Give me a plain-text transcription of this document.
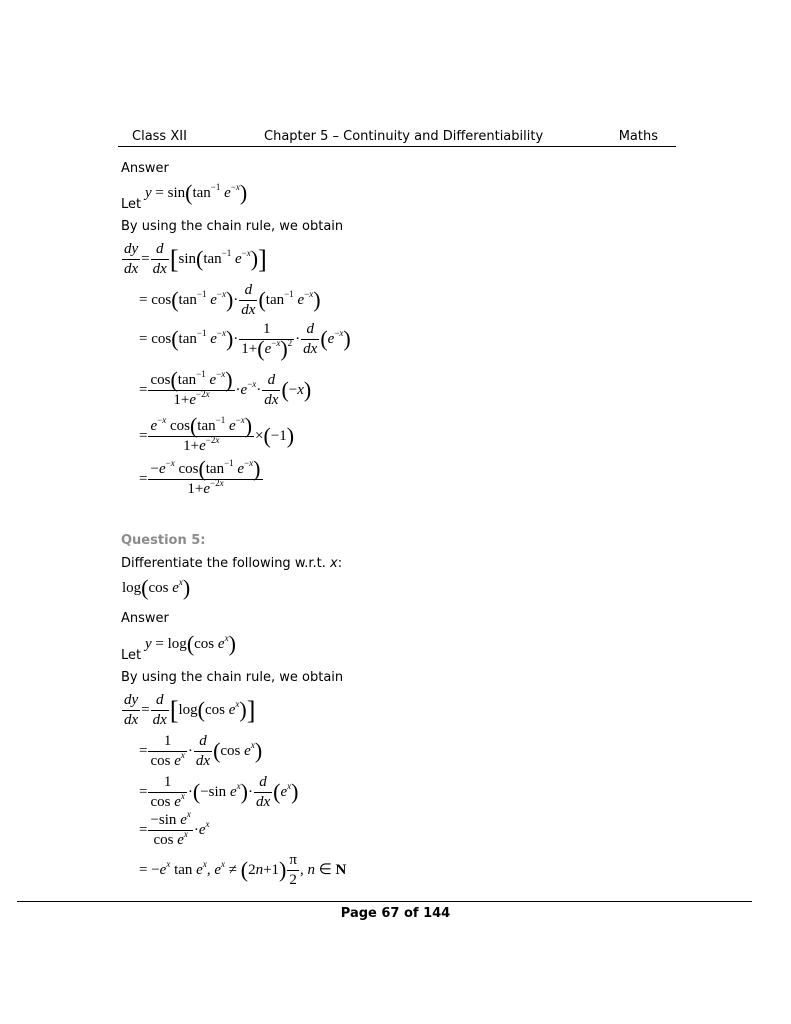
Class XII	Chapter 5 – Continuity and Differentiability	Maths
Answer
Let
$y = \sin(\tan^{-1}$ $e^{-x}$)
By using the chain rule, we obtain
$\frac{dy}{dx} = \frac{d}{dx} [\sin(\tan^{-1}$ $e^{-x}$)]
= $\cos(\tan^{-1}$ $e^{-x})\cdot \frac{d}{dx} (\tan^{-1}$ $e^{-x}$)
= $\cos(\tan^{-1}$ $e^{-x})\cdot \frac{1}{1+(e^{-x})^2} \cdot \frac{d}{dx} (e^{-x})$
= $\frac{\cos(\tan^{-1} e^{-x})}{1+e^{-2x}} \cdot e^{-x}\cdot \frac{d}{dx} (-x)$
= $\frac{e^{-x} \cos(\tan^{-1} e^{-x})}{1+e^{-2x}} \times(-1)$
= $\frac{-e^{-x} \cos(\tan^{-1} e^{-x})}{1+e^{-2x}}$
Question 5:
Differentiate the following w.r.t. x:
log(cos $e^x$)
Answer
Let
y = log(cos $e^x$)
By using the chain rule, we obtain
$\frac{dy}{dx} = \frac{d}{dx} [\log(\cos$ $e^x$)]
= $\frac{1}{\cos e^x} \cdot \frac{d}{dx} (\cos$ $e^x$)
= $\frac{1}{\cos e^x} \cdot(-\sin$ $e^x)\cdot \frac{d}{dx} (e^x)$
= $\frac{-\sin e^x}{\cos e^x} \cdot e^x$
= $-e^x$ $\tan e^x$, $e^x \ne (2n+1) \frac{\pi}{2}$ , n ∈ N
Page 67 of 144
